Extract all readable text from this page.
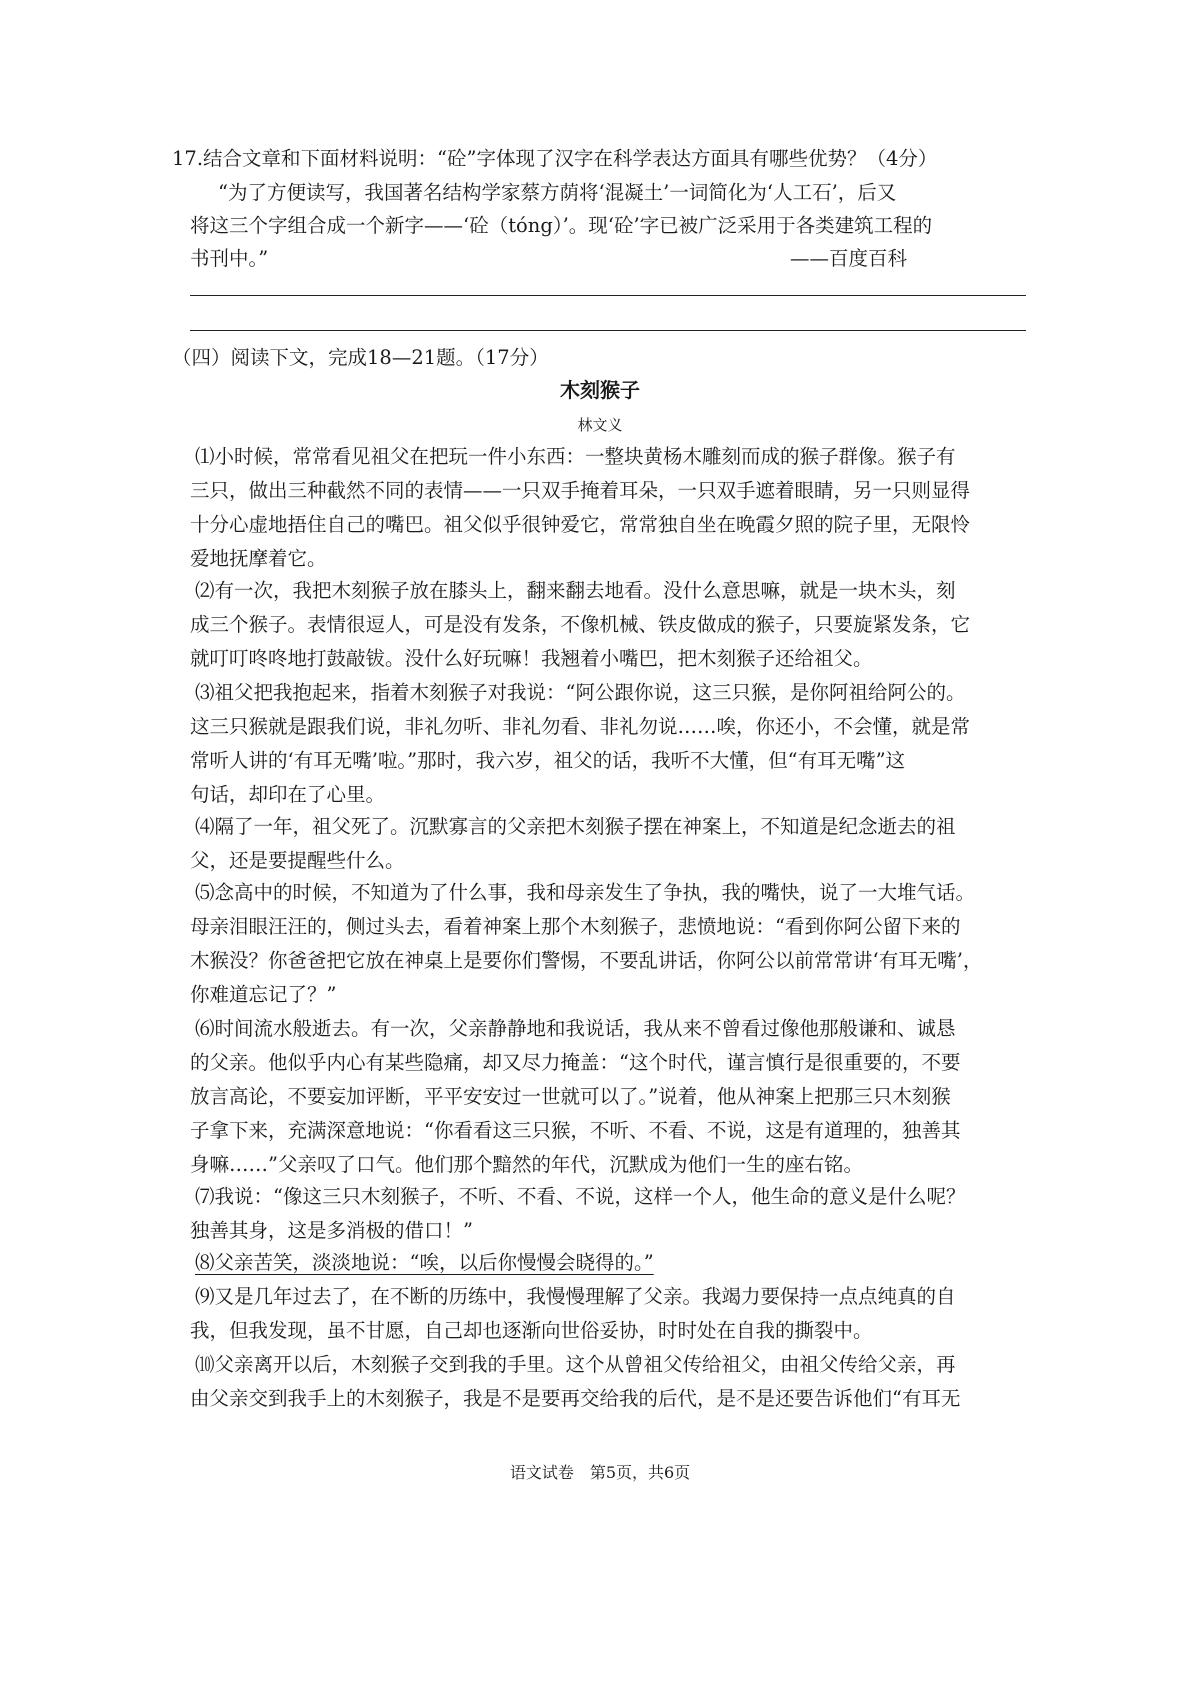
17.结合文章和下面材料说明：“砼”字体现了汉字在科学表达方面具有哪些优势？（4分）
“为了方便读写，我国著名结构学家蔡方荫将‘混凝土’一词简化为‘人工石’，后又
将这三个字组合成一个新字——‘砼（tóng）’。现‘砼’字已被广泛采用于各类建筑工程的
书刊中。”	——百度百科
（四）阅读下文，完成18—21题。（17分）
木刻猴子
林文义
⑴小时候，常常看见祖父在把玩一件小东西：一整块黄杨木雕刻而成的猴子群像。猴子有
三只，做出三种截然不同的表情——一只双手掩着耳朵，一只双手遮着眼睛，另一只则显得
十分心虚地捂住自己的嘴巴。祖父似乎很钟爱它，常常独自坐在晚霞夕照的院子里，无限怜
爱地抚摩着它。
⑵有一次，我把木刻猴子放在膝头上，翻来翻去地看。没什么意思嘛，就是一块木头，刻
成三个猴子。表情很逗人，可是没有发条，不像机械、铁皮做成的猴子，只要旋紧发条，它
就叮叮咚咚地打鼓敲钹。没什么好玩嘛！我翘着小嘴巴，把木刻猴子还给祖父。
⑶祖父把我抱起来，指着木刻猴子对我说：“阿公跟你说，这三只猴，是你阿祖给阿公的。
这三只猴就是跟我们说，非礼勿听、非礼勿看、非礼勿说……唉，你还小，不会懂，就是常
常听人讲的‘有耳无嘴’啦。”那时，我六岁，祖父的话，我听不大懂，但“有耳无嘴”这
句话，却印在了心里。
⑷隔了一年，祖父死了。沉默寡言的父亲把木刻猴子摆在神案上，不知道是纪念逝去的祖
父，还是要提醒些什么。
⑸念高中的时候，不知道为了什么事，我和母亲发生了争执，我的嘴快，说了一大堆气话。
母亲泪眼汪汪的，侧过头去，看着神案上那个木刻猴子，悲愤地说：“看到你阿公留下来的
木猴没？你爸爸把它放在神桌上是要你们警惕，不要乱讲话，你阿公以前常常讲‘有耳无嘴’，
你难道忘记了？”
⑹时间流水般逝去。有一次，父亲静静地和我说话，我从来不曾看过像他那般谦和、诚恳
的父亲。他似乎内心有某些隐痛，却又尽力掩盖：“这个时代，谨言慎行是很重要的，不要
放言高论，不要妄加评断，平平安安过一世就可以了。”说着，他从神案上把那三只木刻猴
子拿下来，充满深意地说：“你看看这三只猴，不听、不看、不说，这是有道理的，独善其
身嘛……”父亲叹了口气。他们那个黯然的年代，沉默成为他们一生的座右铭。
⑺我说：“像这三只木刻猴子，不听、不看、不说，这样一个人，他生命的意义是什么呢？
独善其身，这是多消极的借口！”
⑻父亲苦笑，淡淡地说：“唉，以后你慢慢会晓得的。”
⑼又是几年过去了，在不断的历练中，我慢慢理解了父亲。我竭力要保持一点点纯真的自
我，但我发现，虽不甘愿，自己却也逐渐向世俗妥协，时时处在自我的撕裂中。
⑽父亲离开以后，木刻猴子交到我的手里。这个从曾祖父传给祖父，由祖父传给父亲，再
由父亲交到我手上的木刻猴子，我是不是要再交给我的后代，是不是还要告诉他们“有耳无
语文试卷　第5页，共6页
